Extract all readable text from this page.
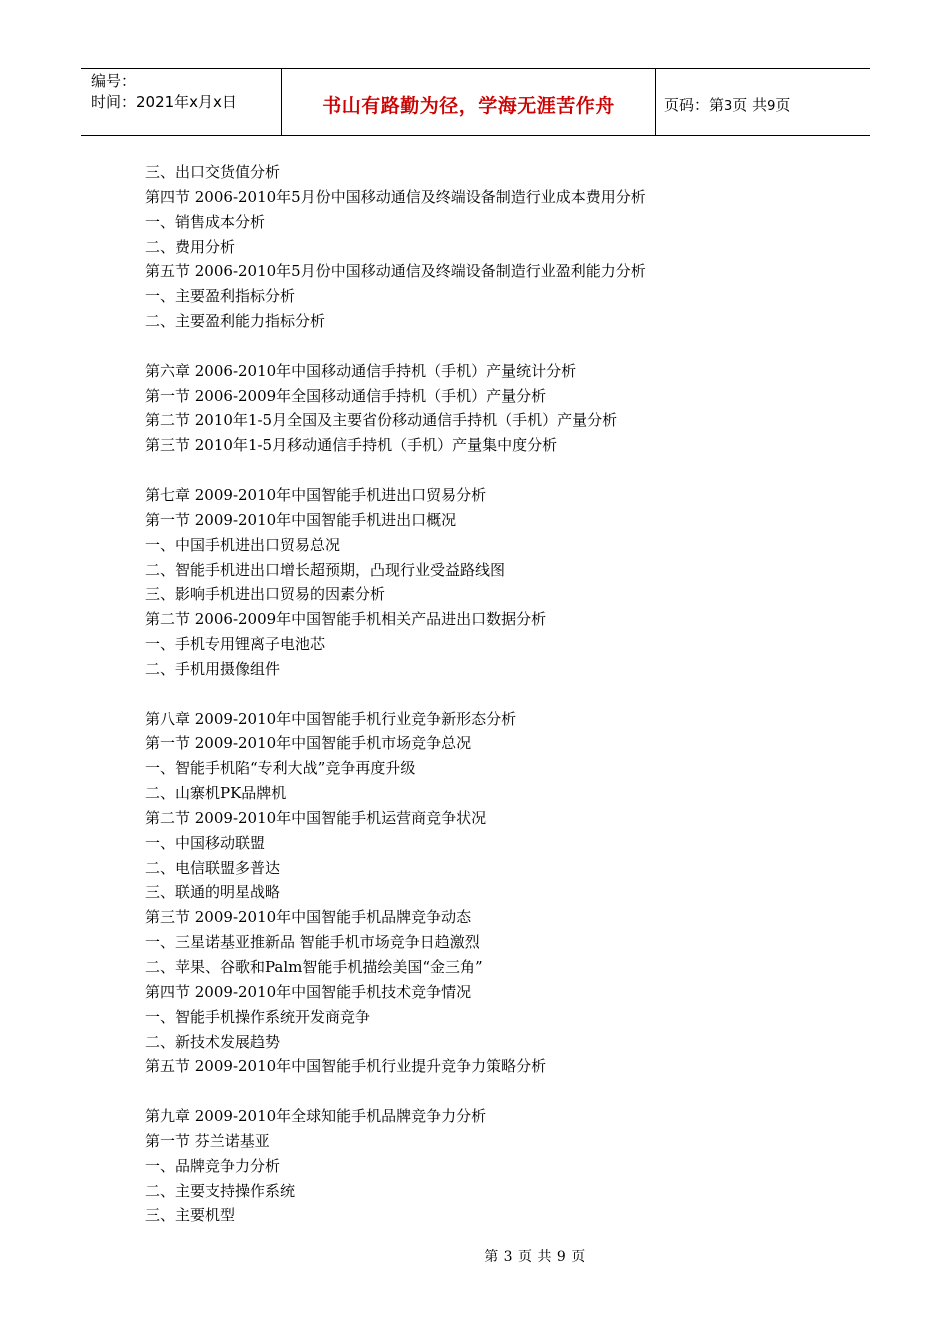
编号：
时间：2021年x月x日	书山有路勤为径，学海无涯苦作舟	页码：第3页 共9页
三、出口交货值分析
第四节 2006-2010年5月份中国移动通信及终端设备制造行业成本费用分析
一、销售成本分析
二、费用分析
第五节 2006-2010年5月份中国移动通信及终端设备制造行业盈利能力分析
一、主要盈利指标分析
二、主要盈利能力指标分析
第六章 2006-2010年中国移动通信手持机（手机）产量统计分析
第一节 2006-2009年全国移动通信手持机（手机）产量分析
第二节 2010年1-5月全国及主要省份移动通信手持机（手机）产量分析
第三节 2010年1-5月移动通信手持机（手机）产量集中度分析
第七章 2009-2010年中国智能手机进出口贸易分析
第一节 2009-2010年中国智能手机进出口概况
一、中国手机进出口贸易总况
二、智能手机进出口增长超预期，凸现行业受益路线图
三、影响手机进出口贸易的因素分析
第二节 2006-2009年中国智能手机相关产品进出口数据分析
一、手机专用锂离子电池芯
二、手机用摄像组件
第八章 2009-2010年中国智能手机行业竞争新形态分析
第一节 2009-2010年中国智能手机市场竞争总况
一、智能手机陷“专利大战”竞争再度升级
二、山寨机PK品牌机
第二节 2009-2010年中国智能手机运营商竞争状况
一、中国移动联盟
二、电信联盟多普达
三、联通的明星战略
第三节 2009-2010年中国智能手机品牌竞争动态
一、三星诺基亚推新品 智能手机市场竞争日趋激烈
二、苹果、谷歌和Palm智能手机描绘美国“金三角”
第四节 2009-2010年中国智能手机技术竞争情况
一、智能手机操作系统开发商竞争
二、新技术发展趋势
第五节 2009-2010年中国智能手机行业提升竞争力策略分析
第九章 2009-2010年全球知能手机品牌竞争力分析
第一节 芬兰诺基亚
一、品牌竞争力分析
二、主要支持操作系统
三、主要机型
第 3 页 共 9 页
